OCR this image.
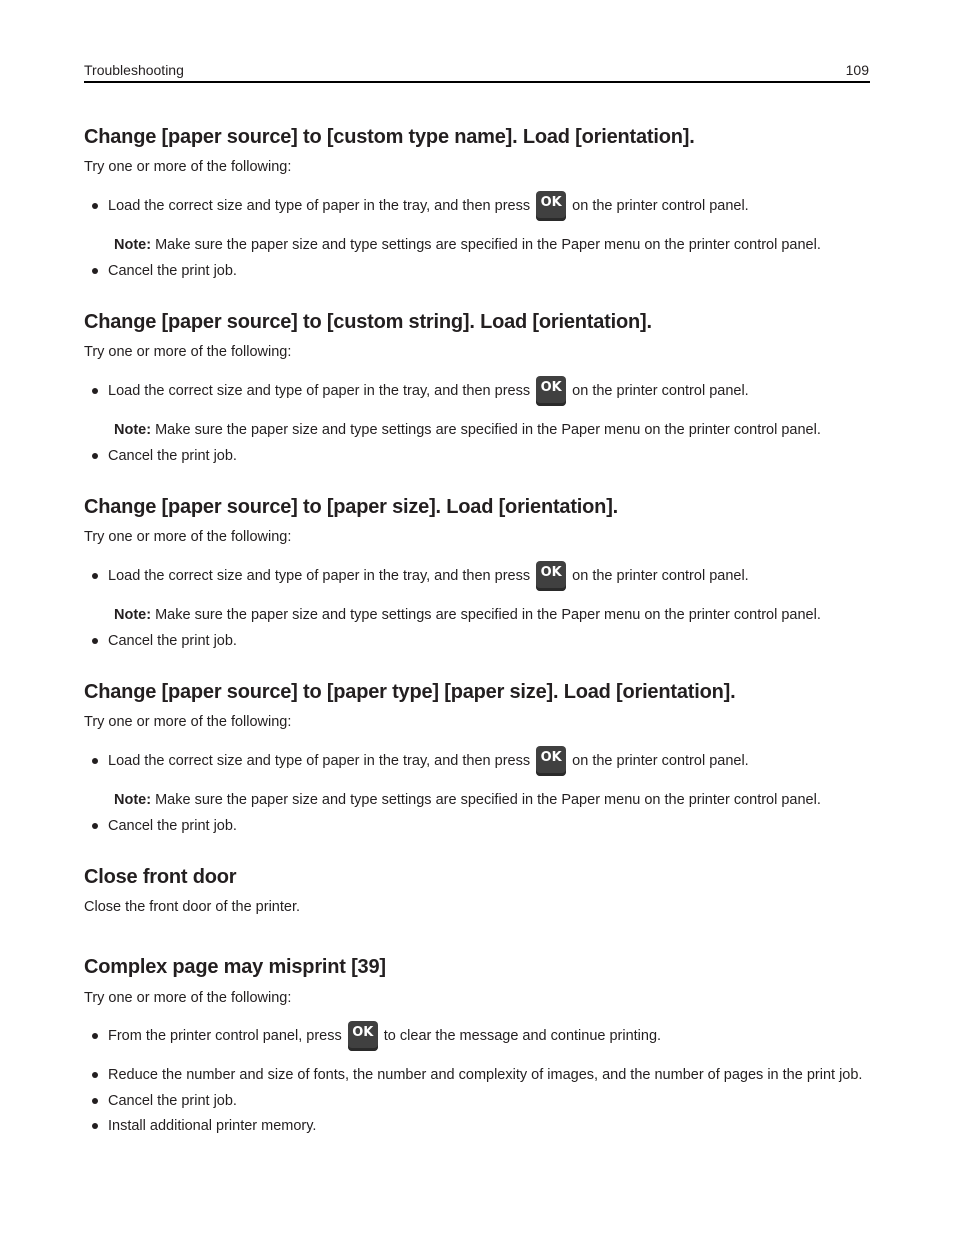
Troubleshooting	109
Change [paper source] to [custom type name]. Load [orientation].

Try one or more of the following:

Load the correct size and type of paper in the tray, and then press OK on the printer control panel.

Note: Make sure the paper size and type settings are specified in the Paper menu on the printer control panel.

Cancel the print job.
Change [paper source] to [custom string]. Load [orientation].

Try one or more of the following:

Load the correct size and type of paper in the tray, and then press OK on the printer control panel.

Note: Make sure the paper size and type settings are specified in the Paper menu on the printer control panel.

Cancel the print job.
Change [paper source] to [paper size]. Load [orientation].

Try one or more of the following:

Load the correct size and type of paper in the tray, and then press OK on the printer control panel.

Note: Make sure the paper size and type settings are specified in the Paper menu on the printer control panel.

Cancel the print job.
Change [paper source] to [paper type] [paper size]. Load [orientation].

Try one or more of the following:

Load the correct size and type of paper in the tray, and then press OK on the printer control panel.

Note: Make sure the paper size and type settings are specified in the Paper menu on the printer control panel.

Cancel the print job.
Close front door

Close the front door of the printer.

Complex page may misprint [39]

Try one or more of the following:

From the printer control panel, press OK to clear the message and continue printing.
Reduce the number and size of fonts, the number and complexity of images, and the number of pages in the print job.
Cancel the print job.
Install additional printer memory.
